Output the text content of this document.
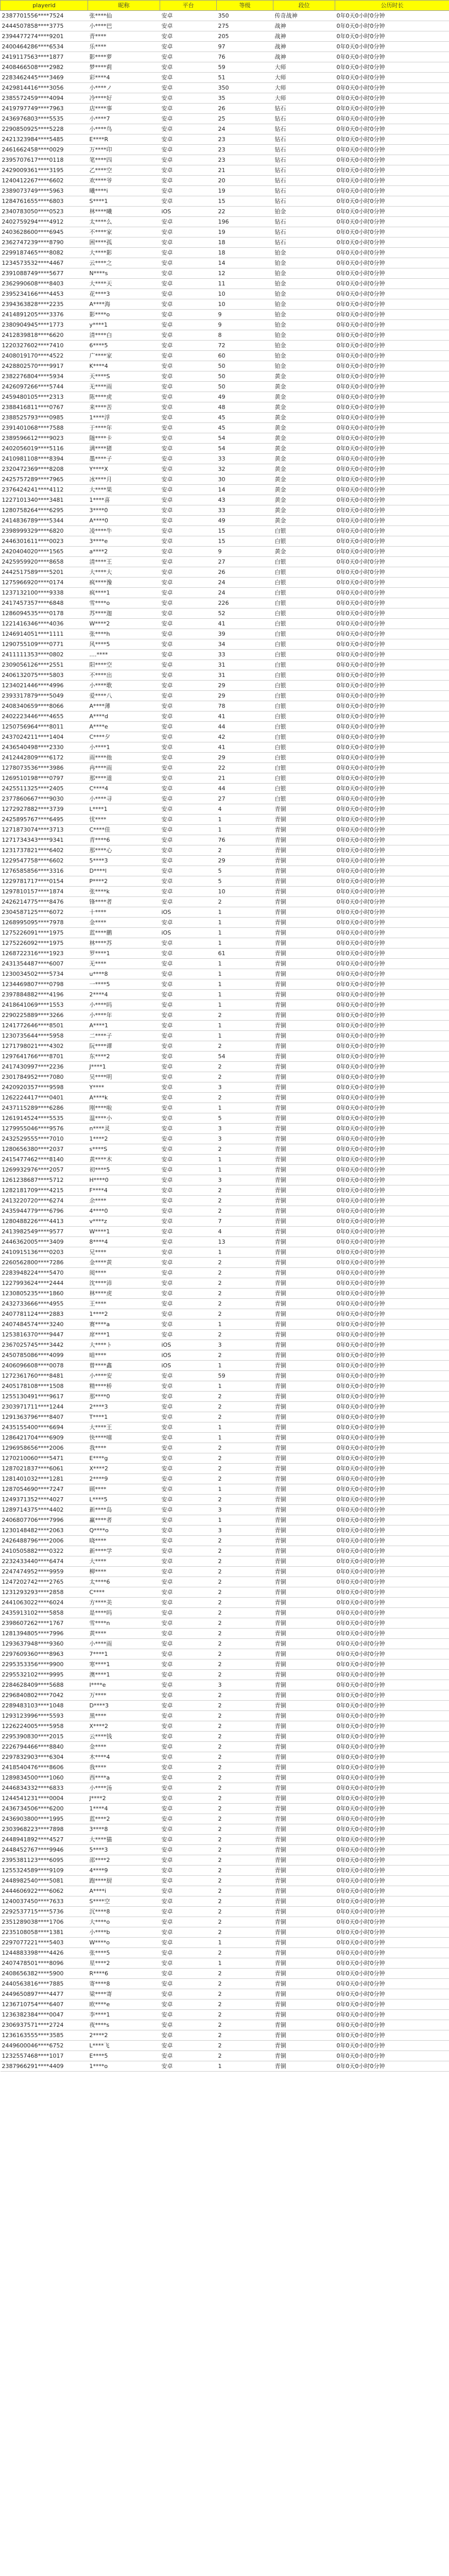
playerid	昵称	平台	等级	段位	公历时长
2387701556****7524	张****仙	安卓	350	传奇战神	0年0天0小时0分钟
2444507858****3775	小****巴	安卓	275	战神	0年0天0小时0分钟
2394477274****9201	青****	安卓	205	战神	0年0天0小时0分钟
2400464286****6534	乐****	安卓	97	战神	0年0天0小时0分钟
2419117563****1877	影****萝	安卓	76	战神	0年0天0小时0分钟
2408466508****2982	梦****莉	安卓	59	大师	0年0天0小时0分钟
2283462445****3469	彩****4	安卓	51	大师	0年0天0小时0分钟
2429814416****3056	小****ノ	安卓	350	大师	0年0天0小时0分钟
2385572459****4094	冷****好	安卓	35	大师	0年0天0小时0分钟
2419797749****7963	店****事	安卓	26	钻石	0年0天0小时0分钟
2436976803****5535	小****7	安卓	25	钻石	0年0天0小时0分钟
2290850925****5228	小****鸟	安卓	24	钻石	0年0天0小时0分钟
2421323984****5485	E****R	安卓	23	钻石	0年0天0小时0分钟
2461662458****0029	万****印	安卓	23	钻石	0年0天0小时0分钟
2395707617****0118	笔****四	安卓	23	钻石	0年0天0小时0分钟
2429009361****3195	乙****空	安卓	21	钻石	0年0天0小时0分钟
1240412267****6602	欢****爷	安卓	20	钻石	0年0天0小时0分钟
2389073749****5963	曦****i	安卓	19	钻石	0年0天0小时0分钟
1284761655****6803	S****1	安卓	15	钻石	0年0天0小时0分钟
2340783050****0523	林****曦	iOS	22	铂金	0年0天0小时0分钟
2402759294****4912	太****么	安卓	196	钻石	0年0天0小时0分钟
2403628600****6945	不****家	安卓	19	钻石	0年0天0小时0分钟
2362747239****8790	困****孤	安卓	18	钻石	0年0天0小时0分钟
2299187465****8082	大****影	安卓	18	铂金	0年0天0小时0分钟
1234573532****4467	云****之	安卓	14	铂金	0年0天0小时0分钟
2391088749****5677	N****s	安卓	12	铂金	0年0天0小时0分钟
2362990608****8403	大****天	安卓	11	铂金	0年0天0小时0分钟
2395234166****4453	花****3	安卓	10	铂金	0年0天0小时0分钟
2394363828****2235	A****海	安卓	10	铂金	0年0天0小时0分钟
2414891205****3376	影****o	安卓	9	铂金	0年0天0小时0分钟
2380904945****1773	y****1	安卓	9	铂金	0年0天0小时0分钟
2412839818****6620	清****白	安卓	8	铂金	0年0天0小时0分钟
1220327602****7410	6****5	安卓	72	铂金	0年0天0小时0分钟
2408019170****4522	广****家	安卓	60	铂金	0年0天0小时0分钟
2428802570****9917	K****4	安卓	50	铂金	0年0天0小时0分钟
2382276804****5934	天****S	安卓	50	黄金	0年0天0小时0分钟
2426097266****5744	无****雨	安卓	50	黄金	0年0天0小时0分钟
2459480105****2313	陈****虎	安卓	49	黄金	0年0天0小时0分钟
2388416811****0767	来****苦	安卓	48	黄金	0年0天0小时0分钟
2388525793****0985	1****浮	安卓	45	黄金	0年0天0小时0分钟
2391401068****7588	于****年	安卓	45	黄金	0年0天0小时0分钟
2389596612****9023	随****卡	安卓	54	黄金	0年0天0小时0分钟
2402056019****5116	满****猪	安卓	54	黄金	0年0天0小时0分钟
2410981108****8394	墨****子	安卓	33	黄金	0年0天0小时0分钟
2320472369****8208	Y****X	安卓	32	黄金	0年0天0小时0分钟
2425757289****7965	冰****月	安卓	30	黄金	0年0天0小时0分钟
2376424241****4112	大****果	安卓	14	黄金	0年0天0小时0分钟
1227101340****3481	1****喜	安卓	43	黄金	0年0天0小时0分钟
1280758264****6295	3****0	安卓	33	黄金	0年0天0小时0分钟
2414836789****5344	A****0	安卓	49	黄金	0年0天0小时0分钟
2398999329****6820	凌****牛	安卓	15	白银	0年0天0小时0分钟
2446301611****0023	3****e	安卓	15	白银	0年0天0小时0分钟
2420404020****1565	a****2	安卓	9	黄金	0年0天0小时0分钟
2425959920****8658	清****王	安卓	27	白银	0年0天0小时0分钟
2442517589****5201	大****大	安卓	26	白银	0年0天0小时0分钟
1275966920****0174	疯****豫	安卓	24	白银	0年0天0小时0分钟
1237132100****9338	疯****1	安卓	24	白银	0年0天0小时0分钟
2417457357****6848	雪****o	安卓	226	白银	0年0天0小时0分钟
1286094535****0178	苏****迦	安卓	52	白银	0年0天0小时0分钟
1221416346****4036	W****2	安卓	41	白银	0年0天0小时0分钟
1246914051****1111	张****h	安卓	39	白银	0年0天0小时0分钟
1290755109****0771	风****5	安卓	34	白银	0年0天0小时0分钟
2411111353****0802	....****	安卓	33	白银	0年0天0小时0分钟
2309056126****2551	阳****空	安卓	31	白银	0年0天0小时0分钟
2406132075****5803	不****出	安卓	31	白银	0年0天0小时0分钟
1234021446****4996	小****歌	安卓	29	白银	0年0天0小时0分钟
2393317879****5049	爱****八	安卓	29	白银	0年0天0小时0分钟
2408340659****8066	A****薄	安卓	78	白银	0年0天0小时0分钟
2402223446****4655	A****d	安卓	41	白银	0年0天0小时0分钟
1250756964****8011	A****e	安卓	44	白银	0年0天0小时0分钟
2437024211****1404	C****夕	安卓	42	白银	0年0天0小时0分钟
2436540498****2330	小****1	安卓	41	白银	0年0天0小时0分钟
2412442809****6172	雨****他	安卓	29	白银	0年0天0小时0分钟
1278073536****3986	冉****雨	安卓	22	白银	0年0天0小时0分钟
1269510198****0797	那****道	安卓	21	白银	0年0天0小时0分钟
2425511325****2405	C****4	安卓	44	白银	0年0天0小时0分钟
2377860667****9030	小****寻	安卓	27	白银	0年0天0小时0分钟
1272927882****3739	L****1	安卓	4	青铜	0年0天0小时0分钟
2425895767****6495	忧****	安卓	1	青铜	0年0天0小时0分钟
1271873074****3713	C****佳	安卓	1	青铜	0年0天0小时0分钟
1271734343****9341	青****6	安卓	76	青铜	0年0天0小时0分钟
1231737821****6402	那****心	安卓	2	青铜	0年0天0小时0分钟
1229547758****6602	5****3	安卓	29	青铜	0年0天0小时0分钟
1276585856****3316	D****l	安卓	5	青铜	0年0天0小时0分钟
1229781717****0154	P****2	安卓	5	青铜	0年0天0小时0分钟
1297810157****1874	张****k	安卓	10	青铜	0年0天0小时0分钟
2426214775****8476	锋****者	安卓	2	青铜	0年0天0小时0分钟
2304587125****6072	十****	iOS	1	青铜	0年0天0小时0分钟
1268995095****7978	金****	安卓	1	青铜	0年0天0小时0分钟
1275226091****1975	蓝****鹏	iOS	1	青铜	0年0天0小时0分钟
1275226092****1975	林****苏	安卓	1	青铜	0年0天0小时0分钟
1268722316****1923	罗****1	安卓	61	青铜	0年0天0小时0分钟
2431354487****6007	无****	安卓	1	青铜	0年0天0小时0分钟
1230034502****5734	u****8	安卓	1	青铜	0年0天0小时0分钟
1234469807****0798	一****5	安卓	1	青铜	0年0天0小时0分钟
2397884882****4196	2****4	安卓	1	青铜	0年0天0小时0分钟
2418641069****1553	小****吗	安卓	1	青铜	0年0天0小时0分钟
2290225889****3266	小****年	安卓	2	青铜	0年0天0小时0分钟
1241772646****8501	A****1	安卓	1	青铜	0年0天0小时0分钟
1230735644****5958	二****子	安卓	1	青铜	0年0天0小时0分钟
1271798021****4302	阮****谭	安卓	2	青铜	0年0天0小时0分钟
1297641766****8701	东****2	安卓	54	青铜	0年0天0小时0分钟
2417430997****2236	J****1	安卓	2	青铜	0年0天0小时0分钟
2301784952****7080	吴****明	安卓	2	青铜	0年0天0小时0分钟
2420920357****9598	Y****	安卓	3	青铜	0年0天0小时0分钟
1262224417****0401	A****k	安卓	2	青铜	0年0天0小时0分钟
2437115289****6286	刚****啦	安卓	1	青铜	0年0天0小时0分钟
1261914524****5535	温****小	安卓	5	青铜	0年0天0小时0分钟
1279955046****9576	n****灵	安卓	3	青铜	0年0天0小时0分钟
2432529555****7010	1****2	安卓	3	青铜	0年0天0小时0分钟
1280656380****2037	s****S	安卓	2	青铜	0年0天0小时0分钟
2415477462****8140	黄****木	安卓	1	青铜	0年0天0小时0分钟
1269932976****2057	初****5	安卓	1	青铜	0年0天0小时0分钟
1261238687****5712	H****0	安卓	3	青铜	0年0天0小时0分钟
1282181709****4215	F****4	安卓	2	青铜	0年0天0小时0分钟
2413220720****6274	余****	安卓	2	青铜	0年0天0小时0分钟
2435944779****6796	4****0	安卓	2	青铜	0年0天0小时0分钟
1280488226****4413	v****z	安卓	7	青铜	0年0天0小时0分钟
2413982549****9577	W****1	安卓	4	青铜	0年0天0小时0分钟
2446362005****3409	8****4	安卓	13	青铜	0年0天0小时0分钟
2410915136****0203	兄****	安卓	1	青铜	0年0天0小时0分钟
2260562800****7286	金****黄	安卓	2	青铜	0年0天0小时0分钟
2283948224****5470	阅****	安卓	2	青铜	0年0天0小时0分钟
1227993624****2444	沈****沛	安卓	2	青铜	0年0天0小时0分钟
1230805235****1860	林****虎	安卓	2	青铜	0年0天0小时0分钟
2432733666****4955	王****	安卓	2	青铜	0年0天0小时0分钟
2407781124****2883	1****2	安卓	2	青铜	0年0天0小时0分钟
2407484574****3240	赛****a	安卓	1	青铜	0年0天0小时0分钟
1253816370****9447	席****1	安卓	2	青铜	0年0天0小时0分钟
2367025745****3442	大****ト	iOS	3	青铜	0年0天0小时0分钟
2450785086****4099	暗****	iOS	2	青铜	0年0天0小时0分钟
2406096608****0078	曾****鑫	iOS	1	青铜	0年0天0小时0分钟
1272361760****8481	小****安	安卓	59	青铜	0年0天0小时0分钟
2405178108****1508	精****桥	安卓	1	青铜	0年0天0小时0分钟
1255130491****9617	那****0	安卓	2	青铜	0年0天0小时0分钟
2303971711****1244	2****3	安卓	2	青铜	0年0天0小时0分钟
1291363796****8407	T****1	安卓	2	青铜	0年0天0小时0分钟
2435155400****6694	大****王	安卓	1	青铜	0年0天0小时0分钟
1286421704****6909	快****嘻	安卓	1	青铜	0年0天0小时0分钟
1296958656****2006	我****	安卓	2	青铜	0年0天0小时0分钟
1270210060****5471	E****g	安卓	2	青铜	0年0天0小时0分钟
1287021837****6061	X****2	安卓	2	青铜	0年0天0小时0分钟
1281401032****1281	2****9	安卓	2	青铜	0年0天0小时0分钟
1287054690****7247	顾****	安卓	1	青铜	0年0天0小时0分钟
1249371352****4027	L****5	安卓	2	青铜	0年0天0小时0分钟
1289714375****4402	新****岛	安卓	3	青铜	0年0天0小时0分钟
2406807706****7996	赢****者	安卓	1	青铜	0年0天0小时0分钟
1230148482****2063	Q****o	安卓	3	青铜	0年0天0小时0分钟
2426488796****2006	晓****	安卓	2	青铜	0年0天0小时0分钟
2410505882****0322	新****学	安卓	2	青铜	0年0天0小时0分钟
2232433440****6474	大****	安卓	2	青铜	0年0天0小时0分钟
2247474952****9959	柳****	安卓	2	青铜	0年0天0小时0分钟
1247202742****2765	太****6	安卓	2	青铜	0年0天0小时0分钟
1231293293****2858	C****	安卓	2	青铜	0年0天0小时0分钟
2441063022****6024	方****美	安卓	2	青铜	0年0天0小时0分钟
2435913102****5858	是****吗	安卓	2	青铜	0年0天0小时0分钟
2398607262****1767	雪****n	安卓	2	青铜	0年0天0小时0分钟
1281394805****7996	黄****	安卓	2	青铜	0年0天0小时0分钟
1293637948****9360	小****雨	安卓	2	青铜	0年0天0小时0分钟
2297609360****8963	7****1	安卓	2	青铜	0年0天0小时0分钟
2295353356****9900	寒****1	安卓	2	青铜	0年0天0小时0分钟
2295532102****9995	澳****1	安卓	2	青铜	0年0天0小时0分钟
2284628409****5688	I****e	安卓	3	青铜	0年0天0小时0分钟
2296840802****7042	万****	安卓	2	青铜	0年0天0小时0分钟
2289483103****1048	D****3	安卓	2	青铜	0年0天0小时0分钟
1293123996****5593	黑****	安卓	2	青铜	0年0天0小时0分钟
1226224005****5958	X****2	安卓	2	青铜	0年0天0小时0分钟
2295390830****2015	云****钱	安卓	2	青铜	0年0天0小时0分钟
2226794466****8840	金****	安卓	2	青铜	0年0天0小时0分钟
2297832903****6304	木****4	安卓	2	青铜	0年0天0小时0分钟
2418540476****8606	我****	安卓	2	青铜	0年0天0小时0分钟
1289834500****1060	西****a	安卓	2	青铜	0年0天0小时0分钟
2446834332****6833	小****汤	安卓	2	青铜	0年0天0小时0分钟
1244541231****0004	J****2	安卓	2	青铜	0年0天0小时0分钟
2436734506****6200	1****4	安卓	2	青铜	0年0天0小时0分钟
2436903800****1995	蓝****2	安卓	2	青铜	0年0天0小时0分钟
2303968223****7898	3****8	安卓	2	青铜	0年0天0小时0分钟
2448941892****4527	大****猫	安卓	2	青铜	0年0天0小时0分钟
2448452767****9946	5****3	安卓	2	青铜	0年0天0小时0分钟
2395381123****6095	邵****2	安卓	2	青铜	0年0天0小时0分钟
1255324589****9109	4****9	安卓	2	青铜	0年0天0小时0分钟
2448982540****5081	跑****厨	安卓	2	青铜	0年0天0小时0分钟
2444606922****6062	A****i	安卓	2	青铜	0年0天0小时0分钟
1240037450****7633	S****空	安卓	2	青铜	0年0天0小时0分钟
2292537715****5736	沉****8	安卓	2	青铜	0年0天0小时0分钟
2351289038****1706	大****o	安卓	2	青铜	0年0天0小时0分钟
2235108058****1381	小****b	安卓	2	青铜	0年0天0小时0分钟
2297077221****5403	W****o	安卓	1	青铜	0年0天0小时0分钟
1244883398****4426	张****5	安卓	2	青铜	0年0天0小时0分钟
2407478501****8096	星****2	安卓	1	青铜	0年0天0小时0分钟
2408656382****5900	R****6	安卓	2	青铜	0年0天0小时0分钟
2440563816****7885	寄****8	安卓	2	青铜	0年0天0小时0分钟
2449650897****4477	梁****寄	安卓	2	青铜	0年0天0小时0分钟
1236710754****6407	欧****e	安卓	2	青铜	0年0天0小时0分钟
1236382384****0047	李****1	安卓	2	青铜	0年0天0小时0分钟
2306937571****2724	夜****s	安卓	2	青铜	0年0天0小时0分钟
1236163555****3585	2****2	安卓	2	青铜	0年0天0小时0分钟
2449600046****6752	L****飞	安卓	2	青铜	0年0天0小时0分钟
1232557468****1017	E****5	安卓	2	青铜	0年0天0小时0分钟
2387966291****4409	1****o	安卓	1	青铜	0年0天0小时0分钟
